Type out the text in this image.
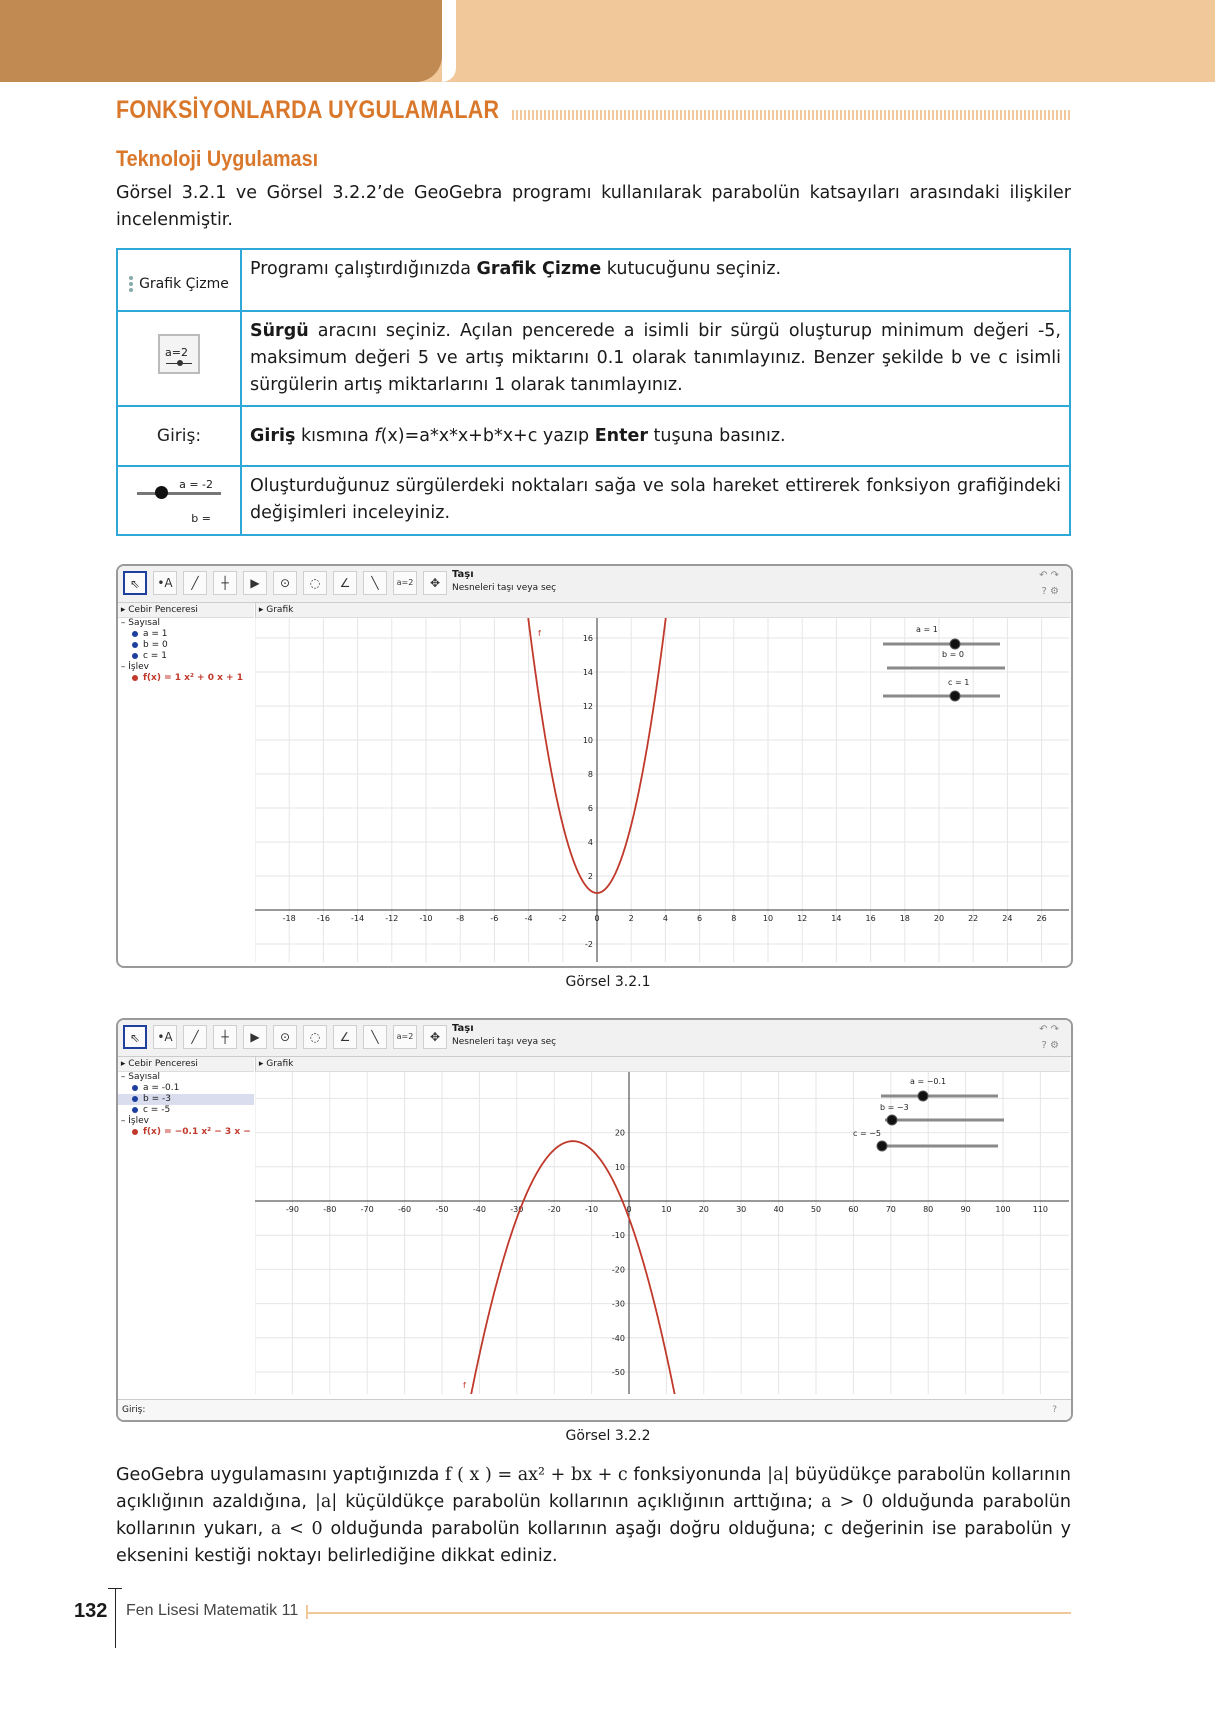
FONKSİYONLARDA UYGULAMALAR
Teknoloji Uygulaması
Görsel 3.2.1 ve Görsel 3.2.2’de GeoGebra programı kullanılarak parabolün katsayıları arasındaki ilişkiler incelenmiştir.
Grafik Çizme	Programı çalıştırdığınızda Grafik Çizme kutucuğunu seçiniz.

a=2	Sürgü aracını seçiniz. Açılan pencerede a isimli bir sürgü oluşturup minimum değeri -5, maksimum değeri 5 ve artış miktarını 0.1 olarak tanımlayınız. Benzer şekilde b ve c isimli sürgülerin artış miktarlarını 1 olarak tanımlayınız.
Giriş:	Giriş kısmına f(x)=a*x*x+b*x+c yazıp Enter tuşuna basınız.

$\frac{a = -2}{b =}$	Oluşturduğunuz sürgülerdeki noktaları sağa ve sola hareket ettirerek fonksiyon grafiğindeki değişimleri inceleyiniz.
⇖	•A	╱	┼	▶	⊙	◌	∠	╲	a=2	✥
Taşı
Nesneleri taşı veya seç
↶ ↷
? ⚙
▸ Cebir Penceresi	▸ Grafik
– Sayısal
a = 1
b = 0
c = 1
– İşlev
f(x) = 1 x² + 0 x + 1
-18	-16	-14	-12	-10	-8	-6	-4	-2	0	2	4	6	8	10	12	14	16	18	20	22	24	26
16
14
12
10
8
6
4
2
-2
f	a = 1
b = 0
c = 1
Görsel 3.2.1
⇖	•A	╱	┼	▶	⊙	◌	∠	╲	a=2	✥
Taşı
Nesneleri taşı veya seç
↶ ↷
? ⚙
▸ Cebir Penceresi	▸ Grafik
– Sayısal
a = -0.1
b = -3
c = -5
– İşlev
f(x) = −0.1 x² − 3 x −
-90	-80	-70	-60	-50	-40	-30	-20	-10	0	10	20	30	40	50	60	70	80	90	100	110
20
10
-10
-20
-30
-40
-50
f
a = −0.1
b = −3
c = −5
Giriş:	?
Görsel 3.2.2
GeoGebra uygulamasını yaptığınızda f ( x ) = ax² + bx + c fonksiyonunda |a| büyüdükçe parabolün kollarının açıklığının azaldığına, |a| küçüldükçe parabolün kollarının açıklığının arttığına; a > 0 olduğunda parabolün kollarının yukarı, a < 0 olduğunda parabolün kollarının aşağı doğru olduğuna; c değerinin ise parabolün y eksenini kestiği noktayı belirlediğine dikkat ediniz.
132 Fen Lisesi Matematik 11
